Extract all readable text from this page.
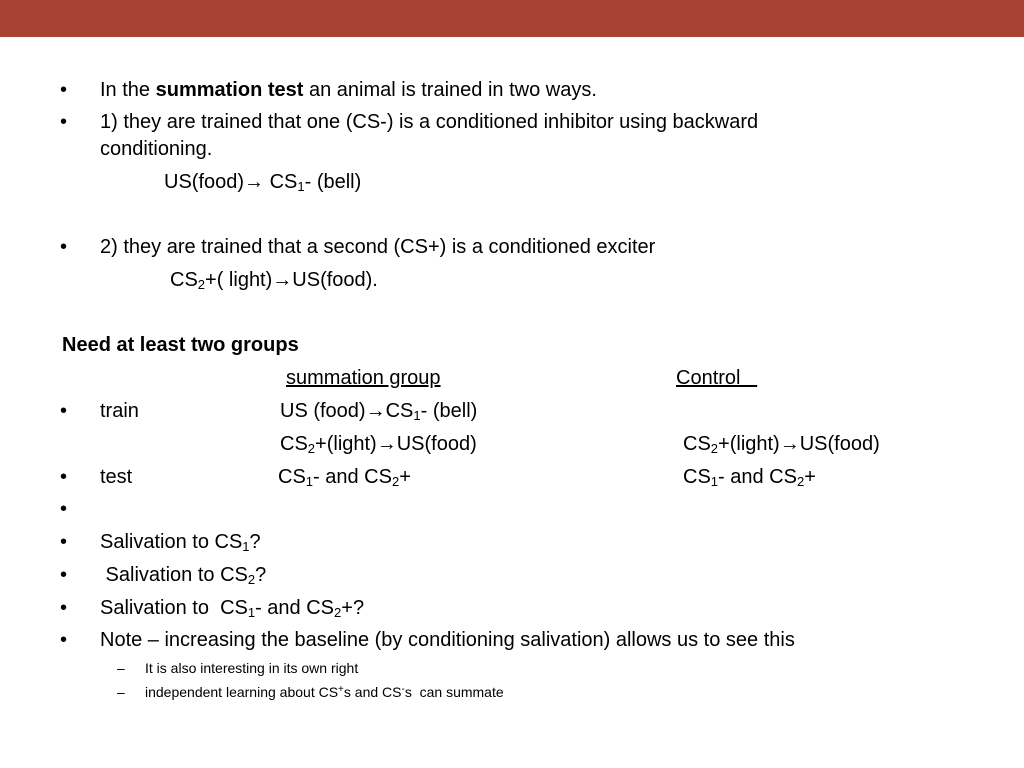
• In the summation test an animal is trained in two ways.
• 1) they are trained that one (CS-) is a conditioned inhibitor using backward
conditioning.
US(food)→ $CS_1-$ (bell)
• 2) they are trained that a second (CS+) is a conditioned exciter
$CS_2+$( light)→US(food).
Need at least two groups
summation group	Control
• train	US $(food)\to CS_1-$ (bell)
$CS_2+(light)\to US(food)$	$CS_2+(light)\to US(food)$
• test	$CS_1-$ and $CS_2+$	$CS_1-$ and $CS_2+$
•
• Salivation to $CS_1$?
• Salivation to $CS_2$?
• Salivation to  $CS_1-$ and $CS_2+$?
• Note – increasing the baseline (by conditioning salivation) allows us to see this
– It is also interesting in its own right
– independent learning about CS+s and CS-s  can summate
